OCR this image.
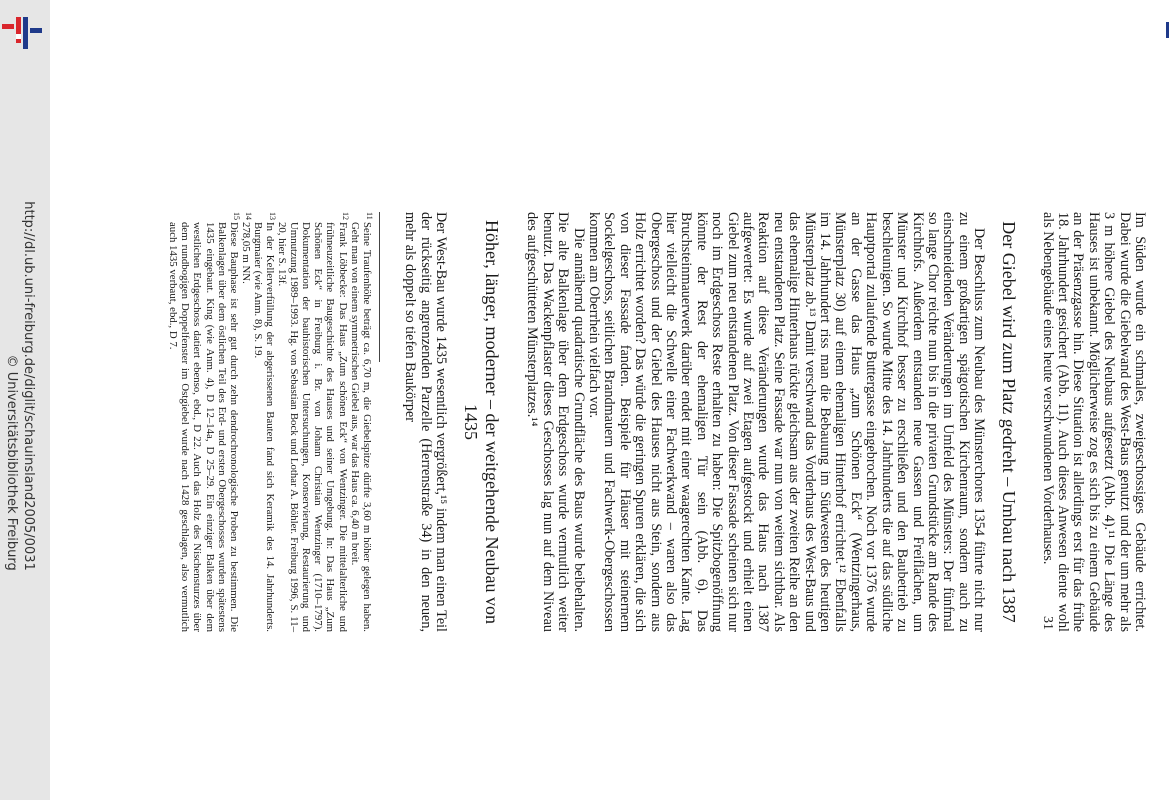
http://dl.ub.uni-freiburg.de/diglit/schauinsland2005/0031
© Universitätsbibliothek Freiburg	Im Süden wurde ein schmales, zweigeschossiges Gebäude errichtet. Dabei wurde die Giebelwand des West-Baus genutzt und der um mehr als 3 m höhere Giebel des Neubaus aufgesetzt (Abb. 4).¹¹ Die Länge des Hauses ist unbekannt. Möglicherweise zog es sich bis zu einem Gebäude an der Präsenzgasse hin. Diese Situation ist allerdings erst für das frühe 18. Jahrhundert gesichert (Abb. 11). Auch dieses Anwesen diente wohl als Nebengebäude eines heute verschwundenen Vorderhauses.

Der Giebel wird zum Platz gedreht – Umbau nach 1387

Der Beschluss zum Neubau des Münsterchores 1354 führte nicht nur zu einem großartigen spätgotischen Kirchenraum, sondern auch zu einschneidenden Veränderungen im Umfeld des Münsters: Der fünfmal so lange Chor reichte nun bis in die privaten Grundstücke am Rande des Kirchhofs. Außerdem entstanden neue Gassen und Freiflächen, um Münster und Kirchhof besser zu erschließen und den Baubetrieb zu beschleunigen. So wurde Mitte des 14. Jahrhunderts die auf das südliche Hauptportal zulaufende Buttergasse eingebrochen. Noch vor 1376 wurde an der Gasse das Haus „zum Schönen Eck“ (Wentzingerhaus, Münsterplatz 30) auf einem ehemaligen Hinterhof errichtet.¹² Ebenfalls im 14. Jahrhundert riss man die Bebauung im Südwesten des heutigen Münsterplatz ab.¹³ Damit verschwand das Vorderhaus des West-Baus und das ehemalige Hinterhaus rückte gleichsam aus der zweiten Reihe an den neu entstandenen Platz. Seine Fassade war nun von weitem sichtbar. Als Reaktion auf diese Veränderungen wurde das Haus nach 1387 aufgewertet: Es wurde auf zwei Etagen aufgestockt und erhielt einen Giebel zum neu entstandenen Platz. Von dieser Fassade scheinen sich nur noch im Erdgeschoss Reste erhalten zu haben: Die Spitzbogenöffnung könnte der Rest der ehemaligen Tür sein (Abb. 6). Das Bruchsteinmauerwerk darüber endet mit einer waagerechten Kante. Lag hier vielleicht die Schwelle einer Fachwerkwand – waren also das Obergeschoss und der Giebel des Hauses nicht aus Stein, sondern aus Holz errichtet worden? Das würde die geringen Spuren erklären, die sich von dieser Fassade fanden. Beispiele für Häuser mit steinernem Sockelgeschoss, seitlichen Brandmauern und Fachwerk-Obergeschossen kommen am Oberrhein vielfach vor.

Die annähernd quadratische Grundfläche des Baus wurde beibehalten. Die alte Balkenlage über dem Erdgeschoss wurde vermutlich weiter benutzt. Das Wackenpflaster dieses Geschosses lag nun auf dem Niveau des aufgeschütteten Münsterplatzes.¹⁴

Höher, länger, moderner – der weitgehende Neubau von 1435

Der West-Bau wurde 1435 wesentlich vergrößert,¹⁵ indem man einen Teil der rückseitig angrenzenden Parzelle (Herrenstraße 34) in den neuen, mehr als doppelt so tiefen Baukörper

11
Seine Traufenhöhe beträgt ca. 6,70 m, die Giebelspitze dürfte 3,60 m höher gelegen haben. Geht man von einem symmetrischen Giebel aus, war das Haus ca. 6,40 m breit.
12
Frank Löbbecke: Das Haus „Zum schönen Eck“ von Wentzinger. Die mittelalterliche und frühneuzeitliche Baugeschichte des Hauses und seiner Umgebung. In: Das Haus „Zum Schönen Eck“ in Freiburg i. Br. von Johann Christian Wentzinger (1710–1797). Dokumentation der bauhistorischen Untersuchungen, Konservierung, Restaurierung und Umnutzung 1989–1993. Hg. von Sebastian Bock und Lothar A. Böhler. Freiburg 1996, S. 11–20, hier S. 13f.
13
In der Kellerverfüllung der abgerissenen Bauten fand sich Keramik des 14. Jahrhunderts. Burgmaier (wie Anm. 8), S. 19.
14
278,05 m NN.
15
Diese Bauphase ist sehr gut durch zehn dendrochronologische Proben zu bestimmen. Die Balkenlagen über dem östlichen Teil des Erd- und ersten Obergeschosses wurden spätestens 1435 eingebaut. King (wie Anm. 4), D 12–14a, D 25–29. Ein einziger Balken über dem westlichen Erdgeschoss datiert ebenso, ebd., D 22. Auch das Holz des Nischensturzes über dem rundbogigen Doppelfenster im Ostgiebel wurde nach 1428 geschlagen, also vermutlich auch 1435 verbaut, ebd., D 7.
31
